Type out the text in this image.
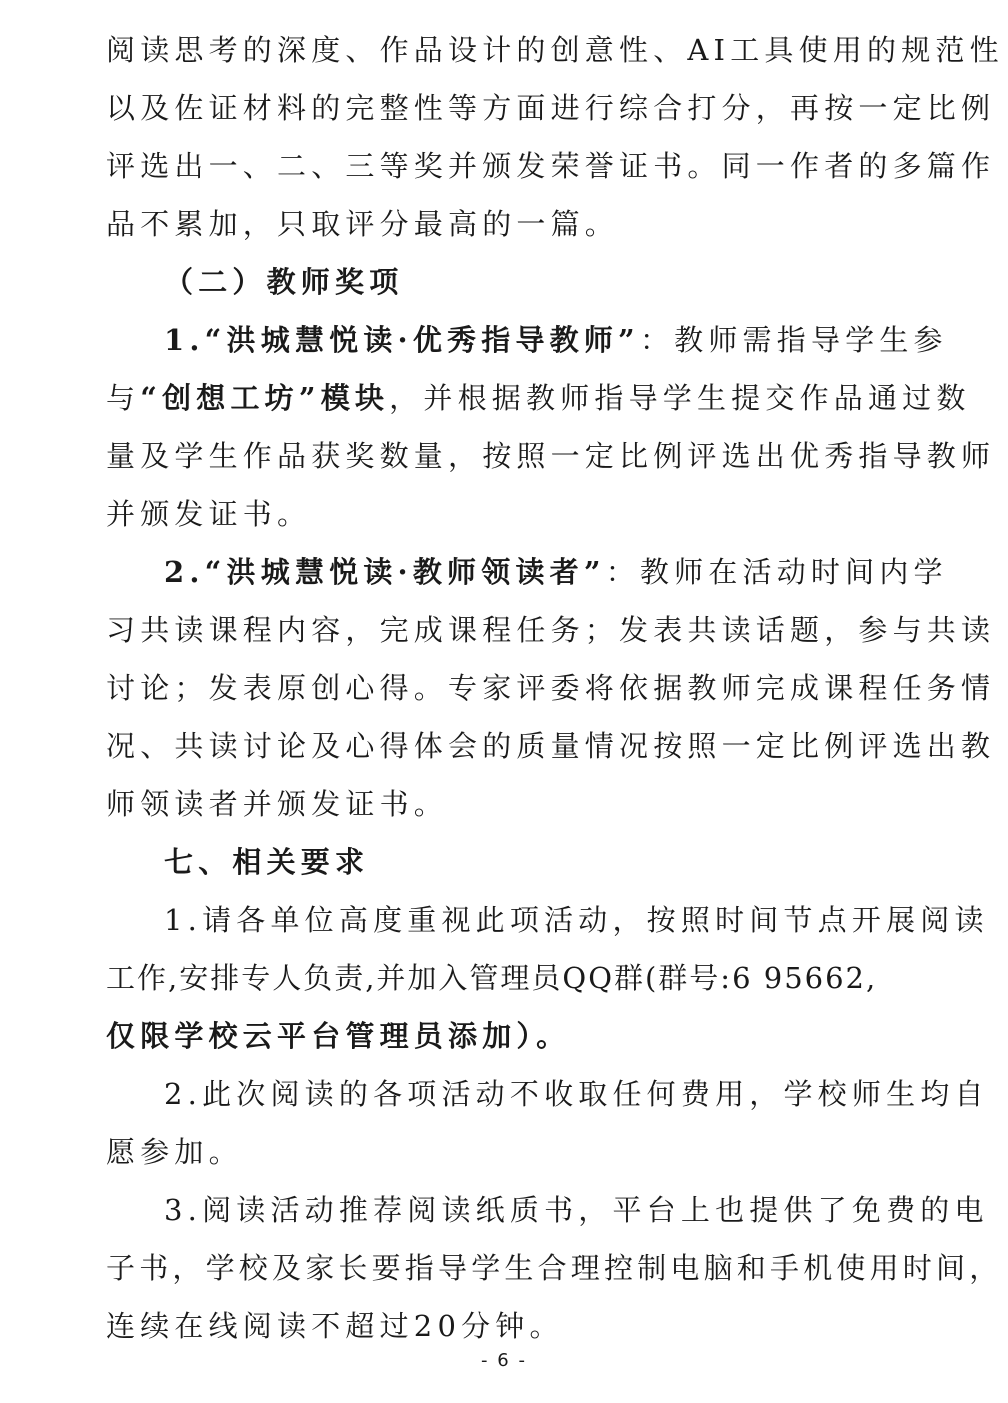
阅读思考的深度、作品设计的创意性、AI工具使用的规范性
以及佐证材料的完整性等方面进行综合打分，再按一定比例
评选出一、二、三等奖并颁发荣誉证书。同一作者的多篇作
品不累加，只取评分最高的一篇。
（二）教师奖项
1.“洪城慧悦读·优秀指导教师”：教师需指导学生参
与“创想工坊”模块，并根据教师指导学生提交作品通过数
量及学生作品获奖数量，按照一定比例评选出优秀指导教师
并颁发证书。
2.“洪城慧悦读·教师领读者”：教师在活动时间内学
习共读课程内容，完成课程任务；发表共读话题，参与共读
讨论；发表原创心得。专家评委将依据教师完成课程任务情
况、共读讨论及心得体会的质量情况按照一定比例评选出教
师领读者并颁发证书。
七、相关要求
1.请各单位高度重视此项活动，按照时间节点开展阅读
工作,安排专人负责,并加入管理员QQ群(群号:6 95662,
仅限学校云平台管理员添加）。
2.此次阅读的各项活动不收取任何费用，学校师生均自
愿参加。
3.阅读活动推荐阅读纸质书，平台上也提供了免费的电
子书，学校及家长要指导学生合理控制电脑和手机使用时间，
连续在线阅读不超过20分钟。
- 6 -
